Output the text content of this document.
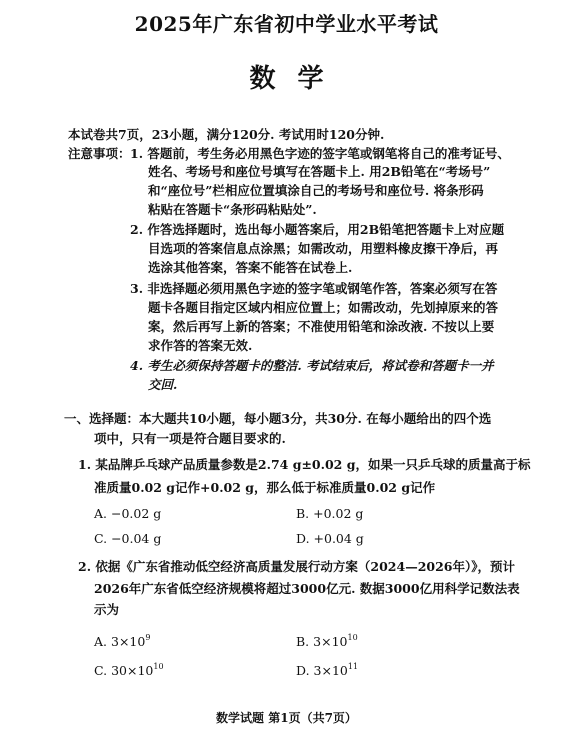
2025年广东省初中学业水平考试
数学
本试卷共7页，23小题，满分120分. 考试用时120分钟.
注意事项： 1. 答题前，考生务必用黑色字迹的签字笔或钢笔将自己的准考证号、
姓名、考场号和座位号填写在答题卡上. 用2B铅笔在“考场号”
和“座位号”栏相应位置填涂自己的考场号和座位号. 将条形码
粘贴在答题卡“条形码粘贴处”.
2. 作答选择题时，选出每小题答案后，用2B铅笔把答题卡上对应题
目选项的答案信息点涂黑；如需改动，用塑料橡皮擦干净后，再
选涂其他答案，答案不能答在试卷上.
3. 非选择题必须用黑色字迹的签字笔或钢笔作答，答案必须写在答
题卡各题目指定区域内相应位置上；如需改动，先划掉原来的答
案，然后再写上新的答案；不准使用铅笔和涂改液. 不按以上要
求作答的答案无效.
4. 考生必须保持答题卡的整洁. 考试结束后，将试卷和答题卡一并
交回.
一、选择题：本大题共10小题，每小题3分，共30分. 在每小题给出的四个选
项中，只有一项是符合题目要求的.
1. 某品牌乒乓球产品质量参数是2.74 g±0.02 g，如果一只乒乓球的质量高于标
准质量0.02 g记作+0.02 g，那么低于标准质量0.02 g记作
A. −0.02 g	B. +0.02 g
C. −0.04 g	D. +0.04 g
2. 依据《广东省推动低空经济高质量发展行动方案（2024—2026年）》，预计
2026年广东省低空经济规模将超过3000亿元. 数据3000亿用科学记数法表
示为
A. $3\times 10^9$	B. $3\times 10^{10}$
C. $30\times 10^{10}$	D. $3\times 10^{11}$
数学试题 第1页（共7页）
